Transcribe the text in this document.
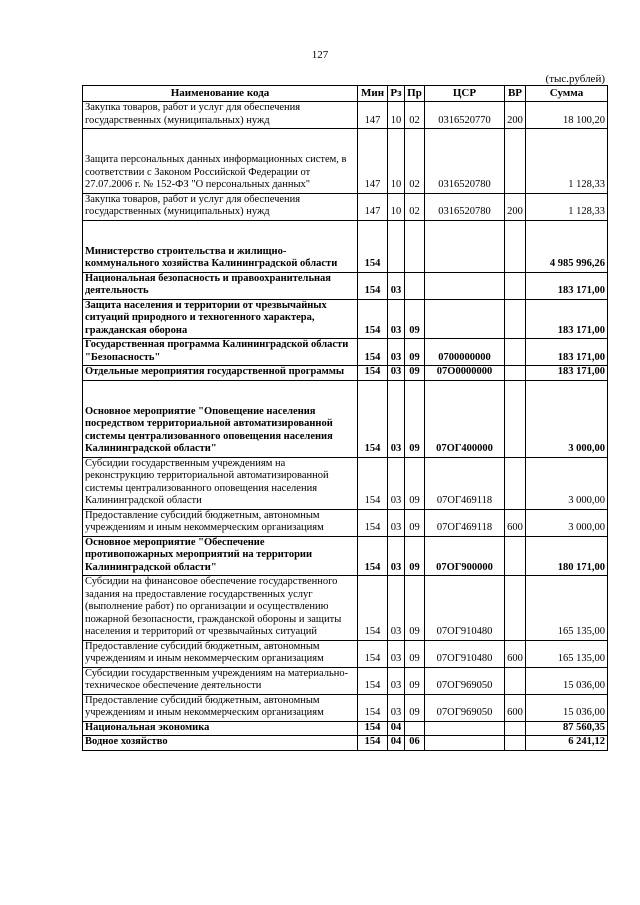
127
(тыс.рублей)
Наименование кода	Мин	Рз	Пр	ЦСР	ВР	Сумма
Закупка товаров, работ и услуг для обеспечения государственных (муниципальных) нужд	147	10	02	0316520770	200	18 100,20

Защита персональных данных информационных систем, в соответствии с Законом Российской Федерации от 27.07.2006 г. № 152-ФЗ "О персональных данных"	147	10	02	0316520780		1 128,33
Закупка товаров, работ и услуг для обеспечения государственных (муниципальных) нужд	147	10	02	0316520780	200	1 128,33

Министерство строительства и жилищно-коммунального хозяйства Калининградской области	154					4 985 996,26
Национальная безопасность и правоохранительная деятельность	154	03				183 171,00
Защита населения и территории от чрезвычайных ситуаций природного и техногенного характера, гражданская оборона	154	03	09			183 171,00
Государственная программа Калининградской области "Безопасность"	154	03	09	0700000000		183 171,00
Отдельные мероприятия государственной программы	154	03	09	07О0000000		183 171,00

Основное мероприятие "Оповещение населения посредством территориальной автоматизированной системы централизованного оповещения населения Калининградской области"	154	03	09	07ОГ400000		3 000,00
Субсидии государственным учреждениям на реконструкцию территориальной автоматизированной системы централизованного оповещения населения Калининградской области	154	03	09	07ОГ469118		3 000,00
Предоставление субсидий бюджетным, автономным учреждениям и иным некоммерческим организациям	154	03	09	07ОГ469118	600	3 000,00
Основное мероприятие "Обеспечение противопожарных мероприятий на территории Калининградской области"	154	03	09	07ОГ900000		180 171,00
Субсидии на финансовое обеспечение государственного задания на предоставление государственных услуг (выполнение работ) по организации и осуществлению пожарной безопасности, гражданской обороны и защиты населения и территорий от чрезвычайных ситуаций	154	03	09	07ОГ910480		165 135,00
Предоставление субсидий бюджетным, автономным учреждениям и иным некоммерческим организациям	154	03	09	07ОГ910480	600	165 135,00
Субсидии государственным учреждениям на материально-техническое обеспечение деятельности	154	03	09	07ОГ969050		15 036,00
Предоставление субсидий бюджетным, автономным учреждениям и иным некоммерческим организациям	154	03	09	07ОГ969050	600	15 036,00
Национальная экономика	154	04				87 560,35
Водное хозяйство	154	04	06			6 241,12
